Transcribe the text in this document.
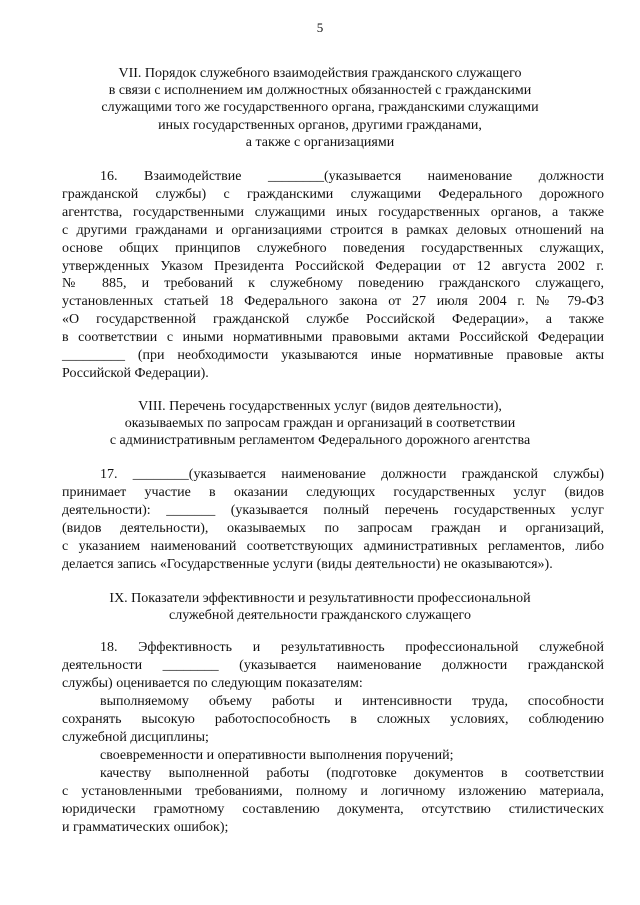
5
VII. Порядок служебного взаимодействия гражданского служащего
в связи с исполнением им должностных обязанностей с гражданскими
служащими того же государственного органа, гражданскими служащими
иных государственных органов, другими гражданами,
а также с организациями

16. Взаимодействие ________(указывается наименование должности
гражданской службы) с гражданскими служащими Федерального дорожного
агентства, государственными служащими иных государственных органов, а также
с другими гражданами и организациями строится в рамках деловых отношений на
основе общих принципов служебного поведения государственных служащих,
утвержденных Указом Президента Российской Федерации от 12 августа 2002 г.
№ 885, и требований к служебному поведению гражданского служащего,
установленных статьей 18 Федерального закона от 27 июля 2004 г. № 79-ФЗ
«О государственной гражданской службе Российской Федерации», а также
в соответствии с иными нормативными правовыми актами Российской Федерации
_________ (при необходимости указываются иные нормативные правовые акты
Российской Федерации).

VIII. Перечень государственных услуг (видов деятельности),
оказываемых по запросам граждан и организаций в соответствии
с административным регламентом Федерального дорожного агентства

17. ________(указывается наименование должности гражданской службы)
принимает участие в оказании следующих государственных услуг (видов
деятельности): _______ (указывается полный перечень государственных услуг
(видов деятельности), оказываемых по запросам граждан и организаций,
с указанием наименований соответствующих административных регламентов, либо
делается запись «Государственные услуги (виды деятельности) не оказываются»).

IX. Показатели эффективности и результативности профессиональной
служебной деятельности гражданского служащего

18. Эффективность и результативность профессиональной служебной
деятельности ________ (указывается наименование должности гражданской
службы) оценивается по следующим показателям:

выполняемому объему работы и интенсивности труда, способности
сохранять высокую работоспособность в сложных условиях, соблюдению
служебной дисциплины;

своевременности и оперативности выполнения поручений;

качеству выполненной работы (подготовке документов в соответствии
с установленными требованиями, полному и логичному изложению материала,
юридически грамотному составлению документа, отсутствию стилистических
и грамматических ошибок);
